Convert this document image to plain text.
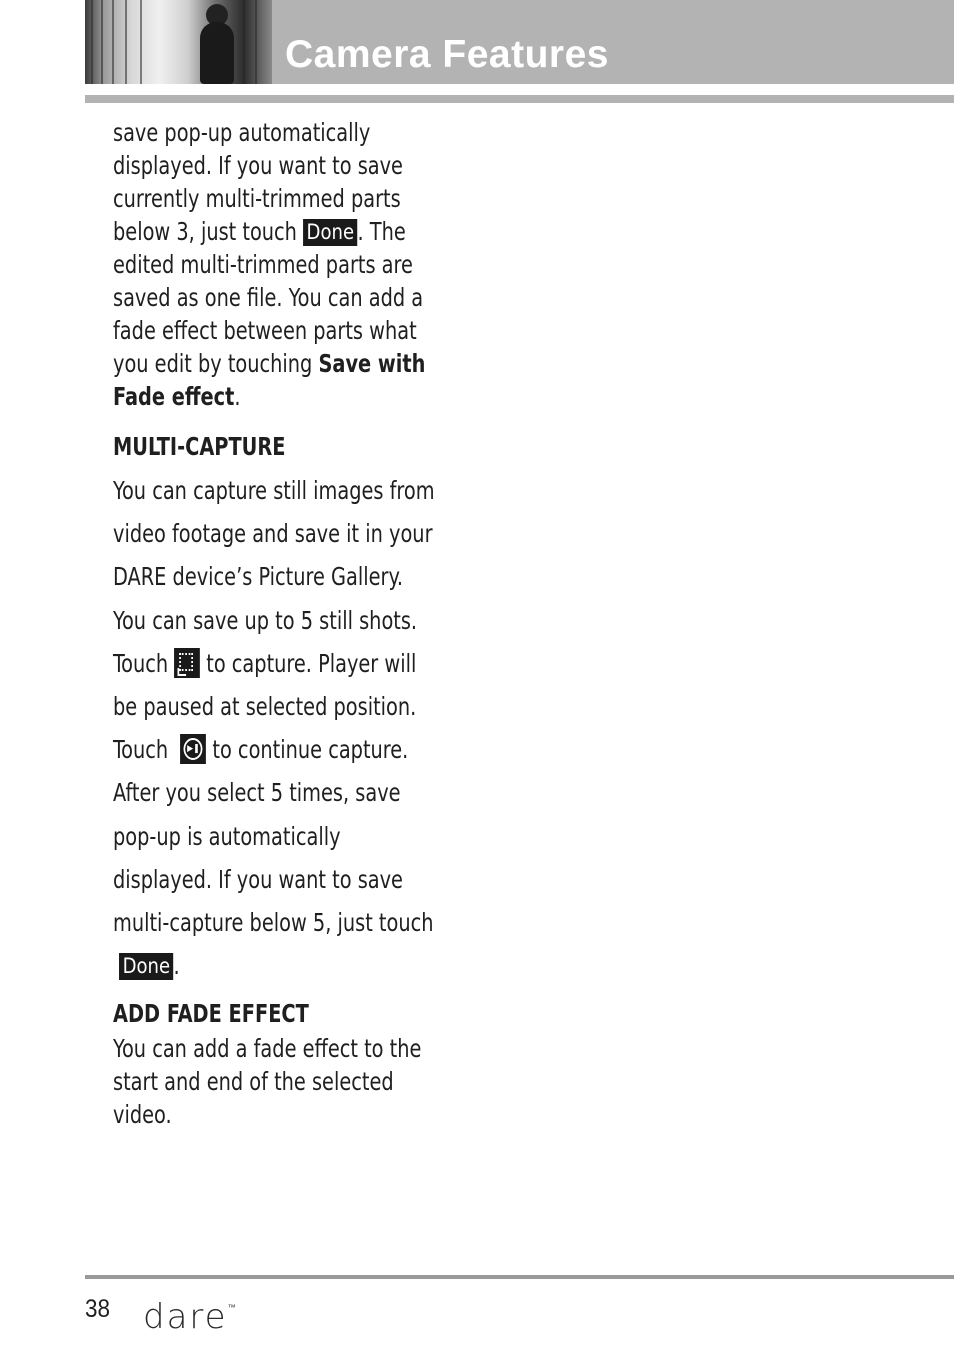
Camera Features

save pop-up automatically

displayed. If you want to save

currently multi-trimmed parts

below 3, just touch Done . The

edited multi-trimmed parts are

saved as one file. You can add a

fade effect between parts what

you edit by touching Save with

Fade effect.

MULTI-CAPTURE

You can capture still images from

video footage and save it in your

DARE device’s Picture Gallery.

You can save up to 5 still shots.

Touch  to capture. Player will

be paused at selected position.

Touch	▶❚ to continue capture.

After you select 5 times, save

pop-up is automatically

displayed. If you want to save

multi-capture below 5, just touch

Done .

ADD FADE EFFECT

You can add a fade effect to the

start and end of the selected

video.

38 dare™
